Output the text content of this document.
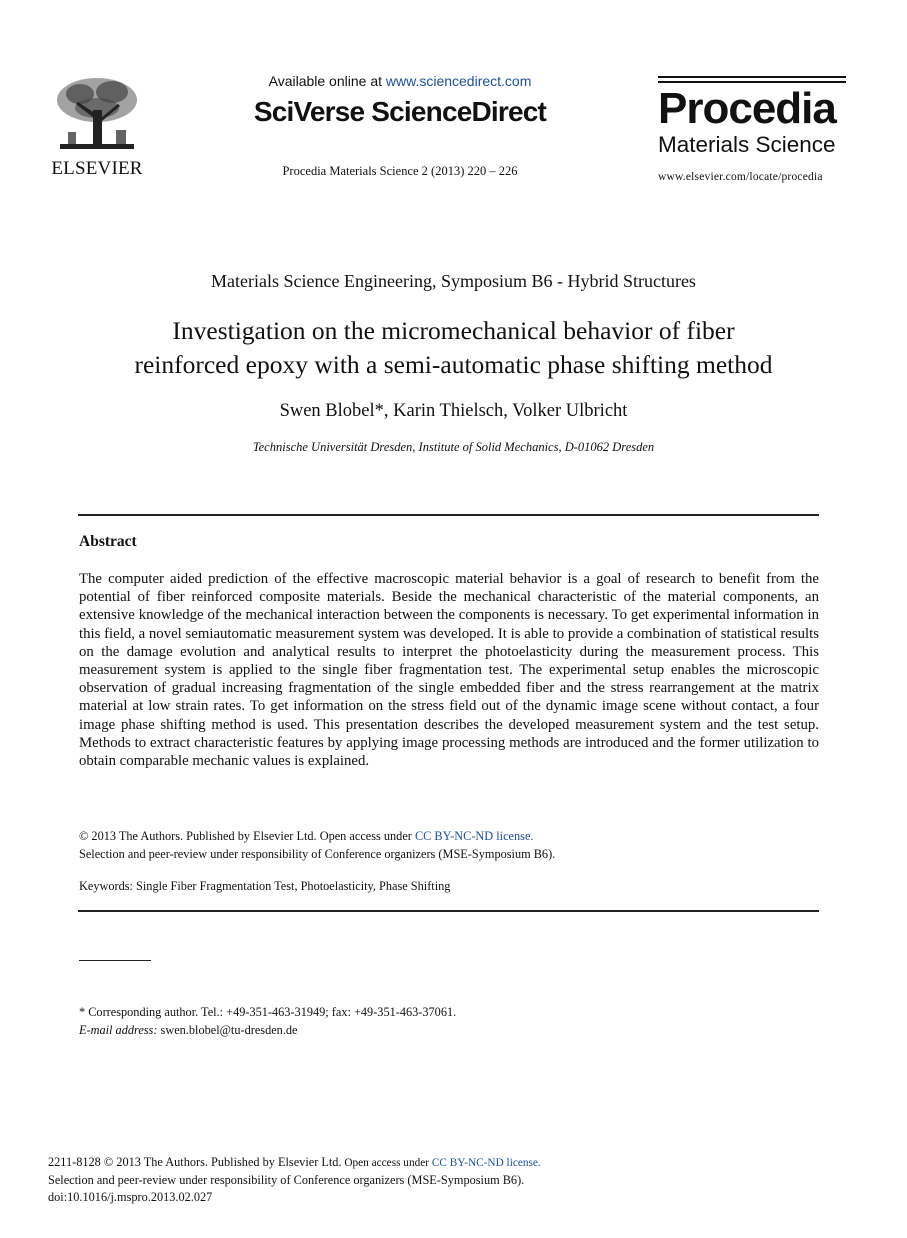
ELSEVIER
Available online at www.sciencedirect.com
SciVerse ScienceDirect
Procedia Materials Science 2 (2013) 220 – 226
Procedia
Materials Science
www.elsevier.com/locate/procedia
Materials Science Engineering, Symposium B6 - Hybrid Structures
Investigation on the micromechanical behavior of fiber
reinforced epoxy with a semi-automatic phase shifting method
Swen Blobel*, Karin Thielsch, Volker Ulbricht
Technische Universität Dresden, Institute of Solid Mechanics, D-01062 Dresden
Abstract
The computer aided prediction of the effective macroscopic material behavior is a goal of research to benefit from the potential of fiber reinforced composite materials. Beside the mechanical characteristic of the material components, an extensive knowledge of the mechanical interaction between the components is necessary. To get experimental information in this field, a novel semiautomatic measurement system was developed. It is able to provide a combination of statistical results on the damage evolution and analytical results to interpret the photoelasticity during the measurement process. This measurement system is applied to the single fiber fragmentation test. The experimental setup enables the microscopic observation of gradual increasing fragmentation of the single embedded fiber and the stress rearrangement at the matrix material at low strain rates. To get information on the stress field out of the dynamic image scene without contact, a four image phase shifting method is used. This presentation describes the developed measurement system and the test setup. Methods to extract characteristic features by applying image processing methods are introduced and the former utilization to obtain comparable mechanic values is explained.
© 2013 The Authors. Published by Elsevier Ltd. Open access under CC BY-NC-ND license.
Selection and peer-review under responsibility of Conference organizers (MSE-Symposium B6).
Keywords: Single Fiber Fragmentation Test, Photoelasticity, Phase Shifting
* Corresponding author. Tel.: +49-351-463-31949; fax: +49-351-463-37061.
E-mail address: swen.blobel@tu-dresden.de
2211-8128 © 2013 The Authors. Published by Elsevier Ltd. Open access under CC BY-NC-ND license.
Selection and peer-review under responsibility of Conference organizers (MSE-Symposium B6).
doi:10.1016/j.mspro.2013.02.027
